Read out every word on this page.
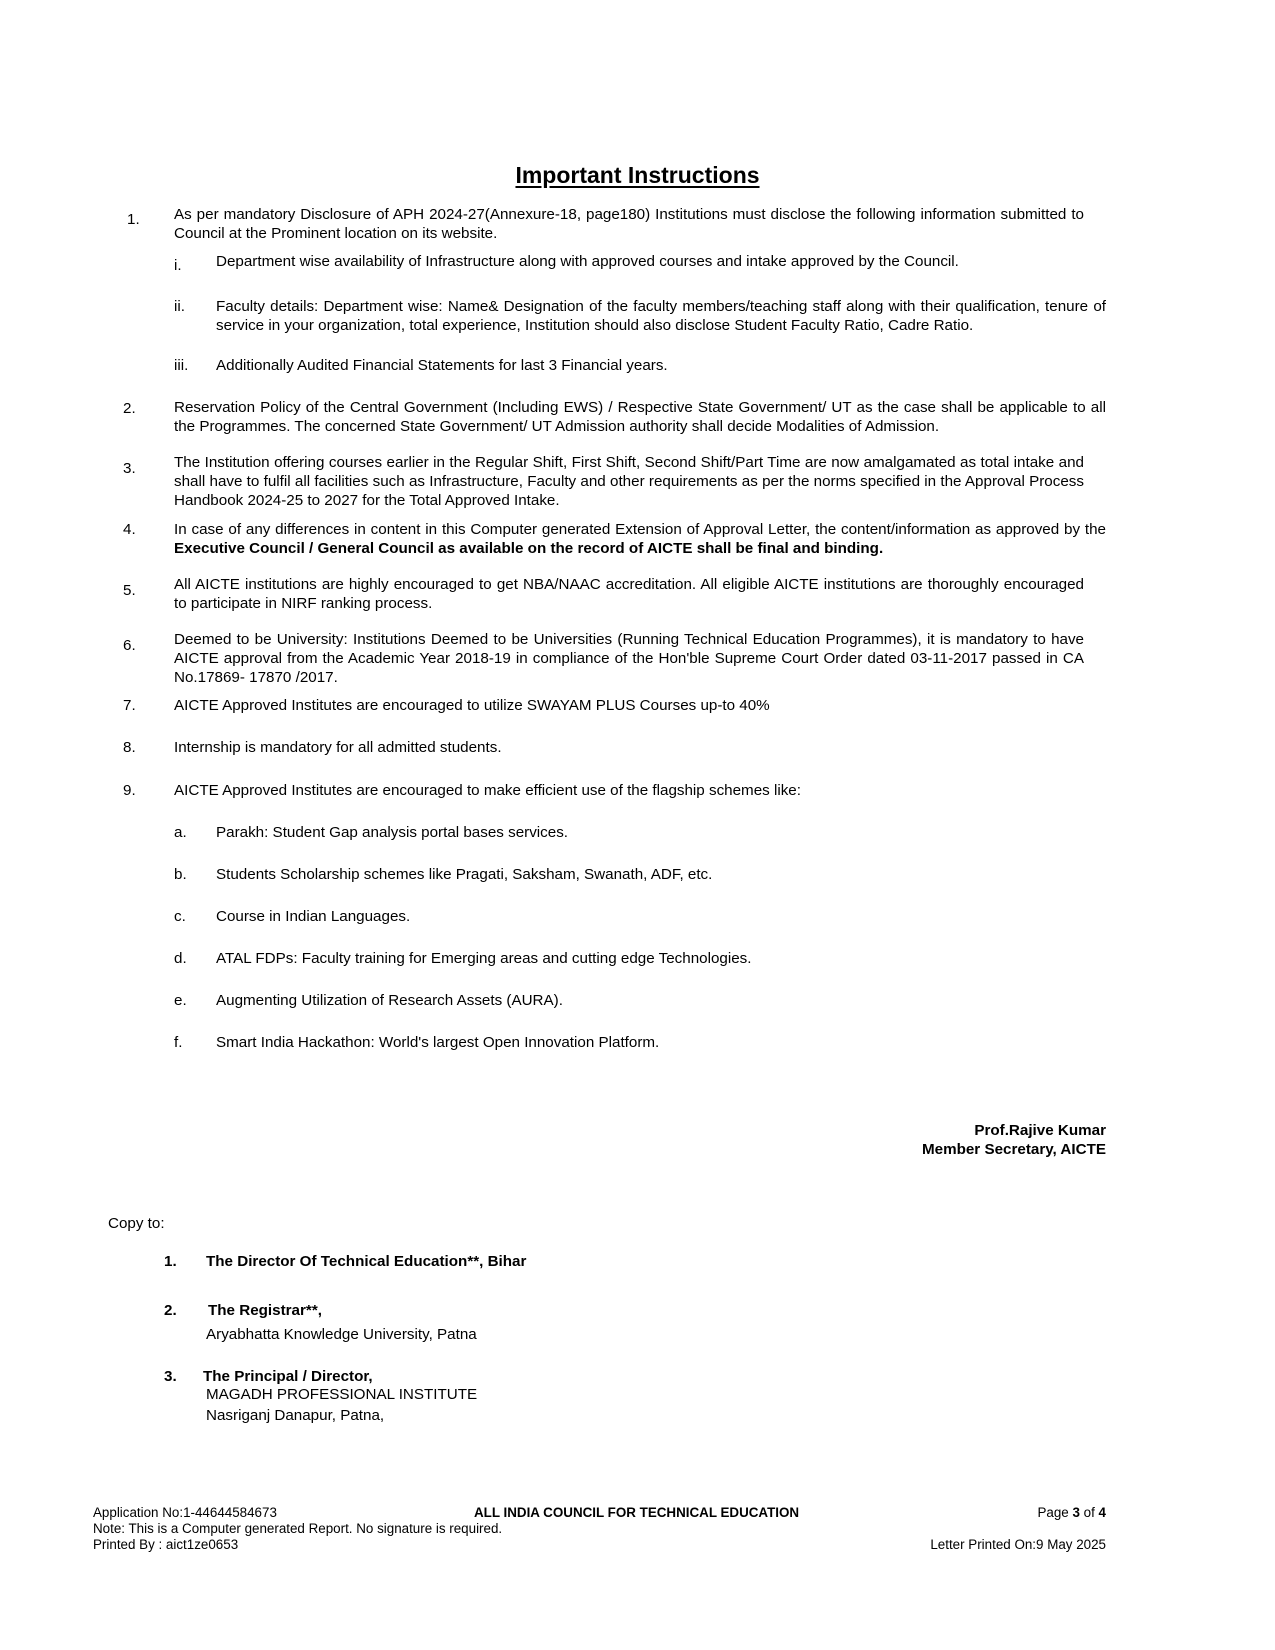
Important Instructions
1. As per mandatory Disclosure of APH 2024-27(Annexure-18, page180) Institutions must disclose the following information submitted to Council at the Prominent location on its website.
i. Department wise availability of Infrastructure along with approved courses and intake approved by the Council.
ii. Faculty details: Department wise: Name& Designation of the faculty members/teaching staff along with their qualification, tenure of service in your organization, total experience, Institution should also disclose Student Faculty Ratio, Cadre Ratio.
iii. Additionally Audited Financial Statements for last 3 Financial years.
2.	Reservation Policy of the Central Government (Including EWS) / Respective State Government/ UT as the case shall be applicable to all the Programmes. The concerned State Government/ UT Admission authority shall decide Modalities of Admission.
3.	The Institution offering courses earlier in the Regular Shift, First Shift, Second Shift/Part Time are now amalgamated as total intake and shall have to fulfil all facilities such as Infrastructure, Faculty and other requirements as per the norms specified in the Approval Process Handbook 2024-25 to 2027 for the Total Approved Intake.
4.	In case of any differences in content in this Computer generated Extension of Approval Letter, the content/information as approved by the Executive Council / General Council as available on the record of AICTE shall be final and binding.
5.	All AICTE institutions are highly encouraged to get NBA/NAAC accreditation. All eligible AICTE institutions are thoroughly encouraged to participate in NIRF ranking process.
6.	Deemed to be University: Institutions Deemed to be Universities (Running Technical Education Programmes), it is mandatory to have AICTE approval from the Academic Year 2018-19 in compliance of the Hon'ble Supreme Court Order dated 03-11-2017 passed in CA No.17869- 17870 /2017.
7.	AICTE Approved Institutes are encouraged to utilize SWAYAM PLUS Courses up-to 40%
8.	Internship is mandatory for all admitted students.
9.	AICTE Approved Institutes are encouraged to make efficient use of the flagship schemes like:
a. Parakh: Student Gap analysis portal bases services.
b. Students Scholarship schemes like Pragati, Saksham, Swanath, ADF, etc.
c. Course in Indian Languages.
d. ATAL FDPs: Faculty training for Emerging areas and cutting edge Technologies.
e. Augmenting Utilization of Research Assets (AURA).
f. Smart India Hackathon: World's largest Open Innovation Platform.
Prof.Rajive Kumar
Member Secretary, AICTE
Copy to:
1. The Director Of Technical Education**, Bihar
2. The Registrar**,
Aryabhatta Knowledge University, Patna
3. The Principal / Director,
MAGADH PROFESSIONAL INSTITUTE
Nasriganj Danapur, Patna,
Application No:1-44644584673	ALL INDIA COUNCIL FOR TECHNICAL EDUCATION	Page 3 of 4
Note: This is a Computer generated Report. No signature is required.
Printed By : aict1ze0653	Letter Printed On:9 May 2025
